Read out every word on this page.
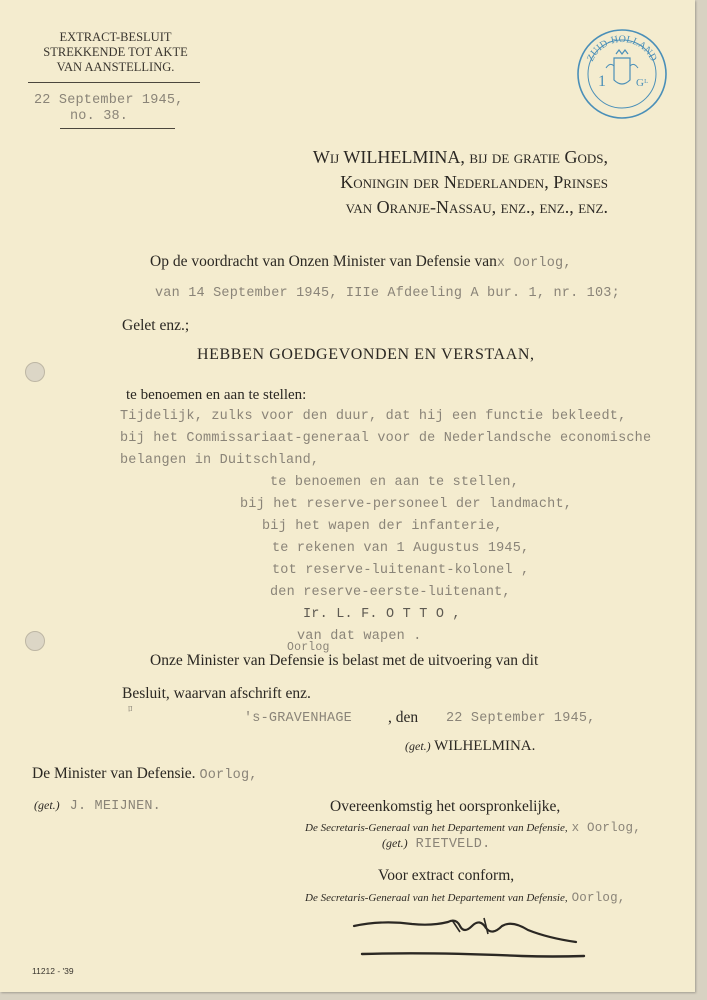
EXTRACT-BESLUIT
STREKKENDE TOT AKTE
VAN AANSTELLING.
22 September 1945,
no. 38.
ZUID-HOLLAND
1	Gᴸ
Wij WILHELMINA, bij de gratie Gods,
Koningin der Nederlanden, Prinses
van Oranje-Nassau, enz., enz., enz.
Op de voordracht van Onzen Minister van Defensie vanx Oorlog,
van 14 September 1945, IIIe Afdeeling A bur. 1, nr. 103;
Gelet enz.;
HEBBEN GOEDGEVONDEN EN VERSTAAN,
te benoemen en aan te stellen:
Tijdelijk, zulks voor den duur, dat hij een functie bekleedt,
bij het Commissariaat-generaal voor de Nederlandsche economische
belangen in Duitschland,
te benoemen en aan te stellen,
bij het reserve-personeel der landmacht,
bij het wapen der infanterie,
te rekenen van 1 Augustus 1945,
tot reserve-luitenant-kolonel ,
den reserve-eerste-luitenant,
Ir. L. F. O T T O ,
van dat wapen .
Oorlog
Onze Minister van Defensie is belast met de uitvoering van dit
Besluit, waarvan afschrift enz.
ﾛ
's-GRAVENHAGE , den 22 September 1945,
(get.) WILHELMINA.
De Minister van Defensie. Oorlog,
(get.) J. MEIJNEN.	Overeenkomstig het oorspronkelijke,
De Secretaris-Generaal van het Departement van Defensie, x Oorlog,
(get.) RIETVELD.
Voor extract conform,
De Secretaris-Generaal van het Departement van Defensie, Oorlog,
11212 - '39
